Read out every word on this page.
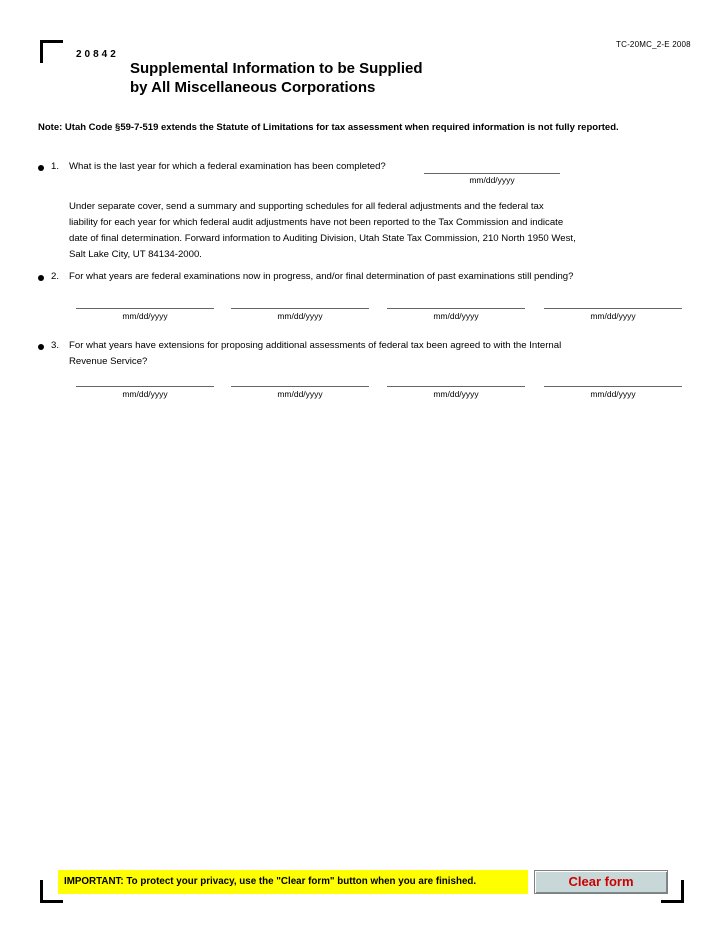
TC-20MC_2-E 2008
20842
Supplemental Information to be Supplied
by All Miscellaneous Corporations
Note: Utah Code §59-7-519 extends the Statute of Limitations for tax assessment when required information is not fully reported.
1. What is the last year for which a federal examination has been completed?
mm/dd/yyyy
Under separate cover, send a summary and supporting schedules for all federal adjustments and the federal tax
liability for each year for which federal audit adjustments have not been reported to the Tax Commission and indicate
date of final determination. Forward information to Auditing Division, Utah State Tax Commission, 210 North 1950 West,
Salt Lake City, UT 84134-2000.
2. For what years are federal examinations now in progress, and/or final determination of past examinations still pending?
mm/dd/yyyy	mm/dd/yyyy	mm/dd/yyyy	mm/dd/yyyy
3. For what years have extensions for proposing additional assessments of federal tax been agreed to with the Internal
Revenue Service?
mm/dd/yyyy	mm/dd/yyyy	mm/dd/yyyy	mm/dd/yyyy
IMPORTANT: To protect your privacy, use the "Clear form" button when you are finished.	Clear form
